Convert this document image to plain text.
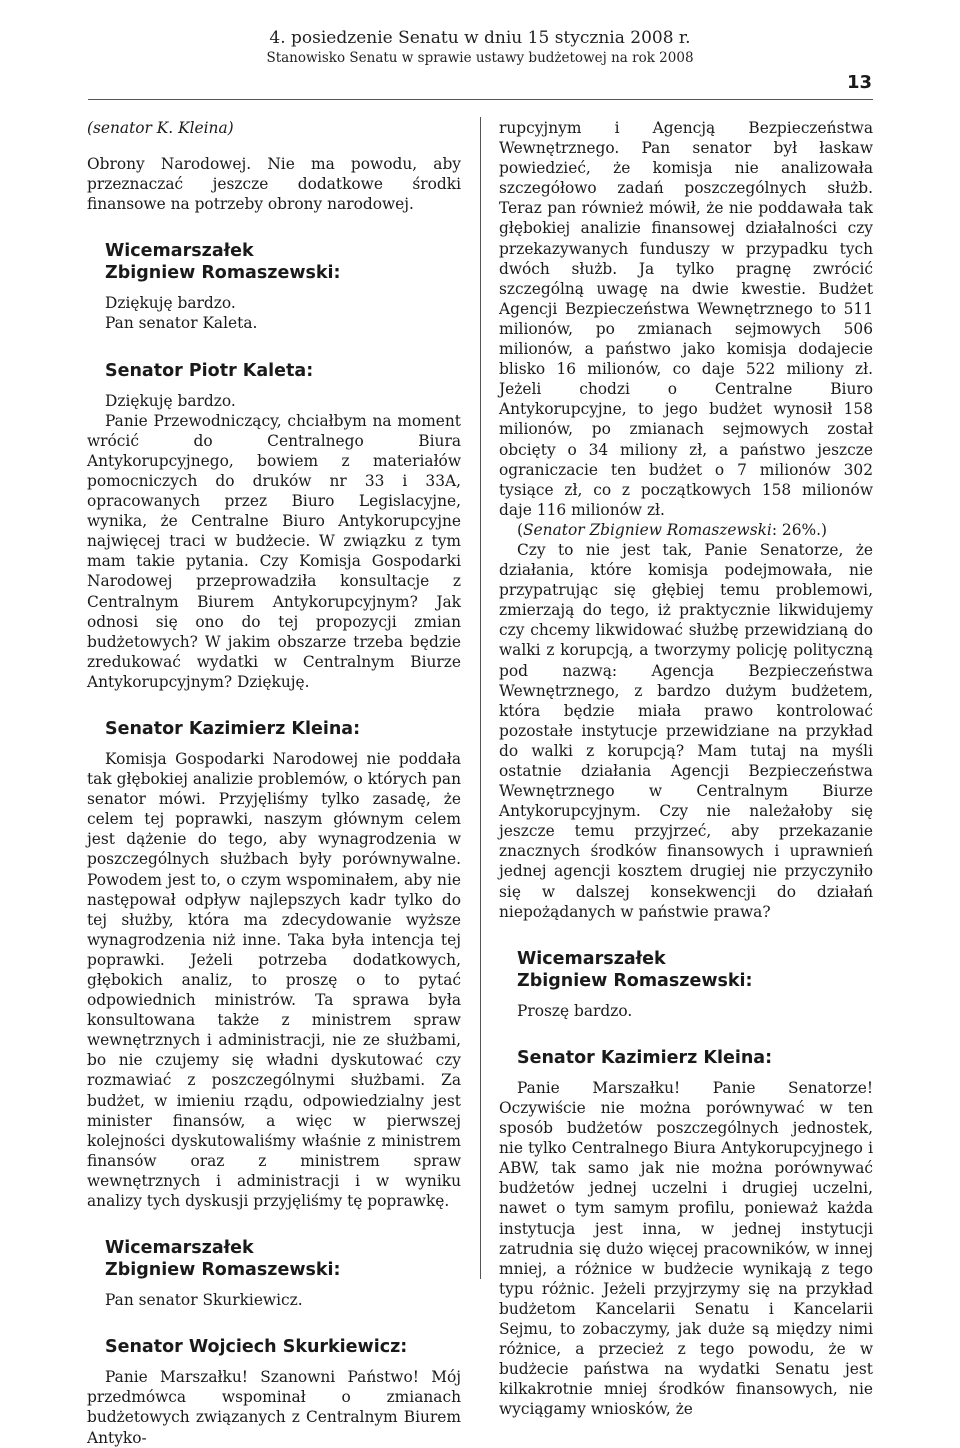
4. posiedzenie Senatu w dniu 15 stycznia 2008 r.
Stanowisko Senatu w sprawie ustawy budżetowej na rok 2008
13

(senator K. Kleina)

Obrony Narodowej. Nie ma powodu, aby przeznaczać jeszcze dodatkowe środki finansowe na potrzeby obrony narodowej.

Wicemarszałek
Zbigniew Romaszewski:

Dziękuję bardzo.

Pan senator Kaleta.

Senator Piotr Kaleta:

Dziękuję bardzo.

Panie Przewodniczący, chciałbym na moment wrócić do Centralnego Biura Antykorupcyjnego, bowiem z materiałów pomocniczych do druków nr 33 i 33A, opracowanych przez Biuro Legislacyjne, wynika, że Centralne Biuro Antykorupcyjne najwięcej traci w budżecie. W związku z tym mam takie pytania. Czy Komisja Gospodarki Narodowej przeprowadziła konsultacje z Centralnym Biurem Antykorupcyjnym? Jak odnosi się ono do tej propozycji zmian budżetowych? W jakim obszarze trzeba będzie zredukować wydatki w Centralnym Biurze Antykorupcyjnym? Dziękuję.

Senator Kazimierz Kleina:

Komisja Gospodarki Narodowej nie poddała tak głębokiej analizie problemów, o których pan senator mówi. Przyjęliśmy tylko zasadę, że celem tej poprawki, naszym głównym celem jest dążenie do tego, aby wynagrodzenia w poszczególnych służbach były porównywalne. Powodem jest to, o czym wspominałem, aby nie następował odpływ najlepszych kadr tylko do tej służby, która ma zdecydowanie wyższe wynagrodzenia niż inne. Taka była intencja tej poprawki. Jeżeli potrzeba dodatkowych, głębokich analiz, to proszę o to pytać odpowiednich ministrów. Ta sprawa była konsultowana także z ministrem spraw wewnętrznych i administracji, nie ze służbami, bo nie czujemy się władni dyskutować czy rozmawiać z poszczególnymi służbami. Za budżet, w imieniu rządu, odpowiedzialny jest minister finansów, a więc w pierwszej kolejności dyskutowaliśmy właśnie z ministrem finansów oraz z ministrem spraw wewnętrznych i administracji i w wyniku analizy tych dyskusji przyjęliśmy tę poprawkę.

Wicemarszałek
Zbigniew Romaszewski:

Pan senator Skurkiewicz.

Senator Wojciech Skurkiewicz:

Panie Marszałku! Szanowni Państwo! Mój przedmówca wspominał o zmianach budżetowych związanych z Centralnym Biurem Antyko-

rupcyjnym i Agencją Bezpieczeństwa Wewnętrznego. Pan senator był łaskaw powiedzieć, że komisja nie analizowała szczegółowo zadań poszczególnych służb. Teraz pan również mówił, że nie poddawała tak głębokiej analizie finansowej działalności czy przekazywanych funduszy w przypadku tych dwóch służb. Ja tylko pragnę zwrócić szczególną uwagę na dwie kwestie. Budżet Agencji Bezpieczeństwa Wewnętrznego to 511 milionów, po zmianach sejmowych 506 milionów, a państwo jako komisja dodajecie blisko 16 milionów, co daje 522 miliony zł. Jeżeli chodzi o Centralne Biuro Antykorupcyjne, to jego budżet wynosił 158 milionów, po zmianach sejmowych został obcięty o 34 miliony zł, a państwo jeszcze ograniczacie ten budżet o 7 milionów 302 tysiące zł, co z początkowych 158 milionów daje 116 milionów zł.

(Senator Zbigniew Romaszewski: 26%.)

Czy to nie jest tak, Panie Senatorze, że działania, które komisja podejmowała, nie przypatrując się głębiej temu problemowi, zmierzają do tego, iż praktycznie likwidujemy czy chcemy likwidować służbę przewidzianą do walki z korupcją, a tworzymy policję polityczną pod nazwą: Agencja Bezpieczeństwa Wewnętrznego, z bardzo dużym budżetem, która będzie miała prawo kontrolować pozostałe instytucje przewidziane na przykład do walki z korupcją? Mam tutaj na myśli ostatnie działania Agencji Bezpieczeństwa Wewnętrznego w Centralnym Biurze Antykorupcyjnym. Czy nie należałoby się jeszcze temu przyjrzeć, aby przekazanie znacznych środków finansowych i uprawnień jednej agencji kosztem drugiej nie przyczyniło się w dalszej konsekwencji do działań niepożądanych w państwie prawa?

Wicemarszałek
Zbigniew Romaszewski:

Proszę bardzo.

Senator Kazimierz Kleina:

Panie Marszałku! Panie Senatorze! Oczywiście nie można porównywać w ten sposób budżetów poszczególnych jednostek, nie tylko Centralnego Biura Antykorupcyjnego i ABW, tak samo jak nie można porównywać budżetów jednej uczelni i drugiej uczelni, nawet o tym samym profilu, ponieważ każda instytucja jest inna, w jednej instytucji zatrudnia się dużo więcej pracowników, w innej mniej, a różnice w budżecie wynikają z tego typu różnic. Jeżeli przyjrzymy się na przykład budżetom Kancelarii Senatu i Kancelarii Sejmu, to zobaczymy, jak duże są między nimi różnice, a przecież z tego powodu, że w budżecie państwa na wydatki Senatu jest kilkakrotnie mniej środków finansowych, nie wyciągamy wniosków, że
